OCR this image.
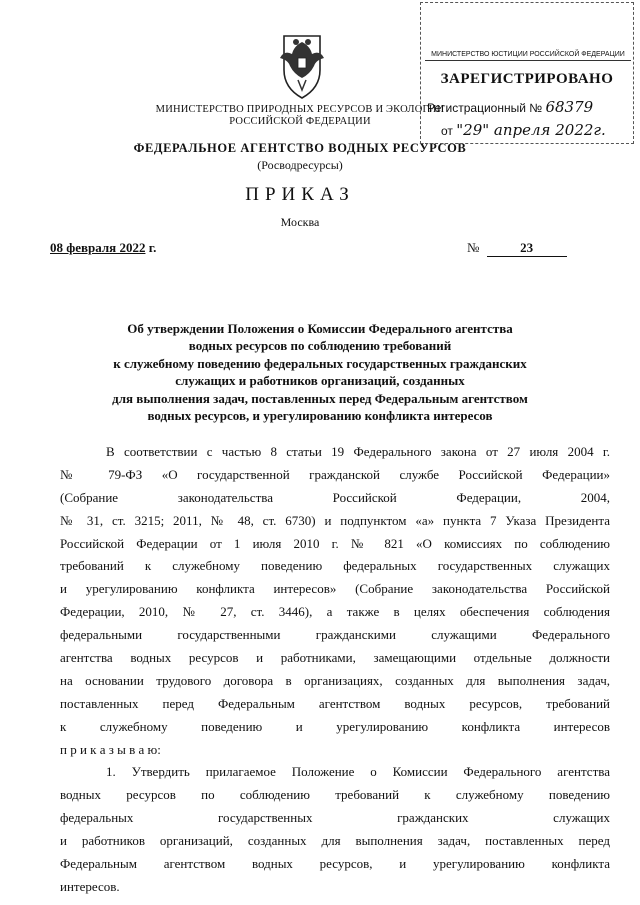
МИНИСТЕРСТВО ПРИРОДНЫХ РЕСУРСОВ И ЭКОЛОГИИ
РОССИЙСКОЙ ФЕДЕРАЦИИ
ФЕДЕРАЛЬНОЕ АГЕНТСТВО ВОДНЫХ РЕСУРСОВ
(Росводресурсы)
ПРИКАЗ
Москва
08 февраля 2022 г.	№	23
МИНИСТЕРСТВО ЮСТИЦИИ РОССИЙСКОЙ ФЕДЕРАЦИИ
ЗАРЕГИСТРИРОВАНО
Регистрационный № 68379
от "29" апреля 2022г.
Об утверждении Положения о Комиссии Федерального агентства
водных ресурсов по соблюдению требований
к служебному поведению федеральных государственных гражданских
служащих и работников организаций, созданных
для выполнения задач, поставленных перед Федеральным агентством
водных ресурсов, и урегулированию конфликта интересов
В соответствии с частью 8 статьи 19 Федерального закона от 27 июля 2004 г.
№ 79-ФЗ «О государственной гражданской службе Российской Федерации»
(Собрание законодательства Российской Федерации, 2004,
№ 31, ст. 3215; 2011, № 48, ст. 6730) и подпунктом «а» пункта 7 Указа Президента
Российской Федерации от 1 июля 2010 г. № 821 «О комиссиях по соблюдению
требований к служебному поведению федеральных государственных служащих
и урегулированию конфликта интересов» (Собрание законодательства Российской
Федерации, 2010, № 27, ст. 3446), а также в целях обеспечения соблюдения
федеральными государственными гражданскими служащими Федерального
агентства водных ресурсов и работниками, замещающими отдельные должности
на основании трудового договора в организациях, созданных для выполнения задач,
поставленных перед Федеральным агентством водных ресурсов, требований
к служебному поведению и урегулированию конфликта интересов
п р и к а з ы в а ю:
1. Утвердить прилагаемое Положение о Комиссии Федерального агентства
водных ресурсов по соблюдению требований к служебному поведению
федеральных государственных гражданских служащих
и работников организаций, созданных для выполнения задач, поставленных перед
Федеральным агентством водных ресурсов, и урегулированию конфликта
интересов.
